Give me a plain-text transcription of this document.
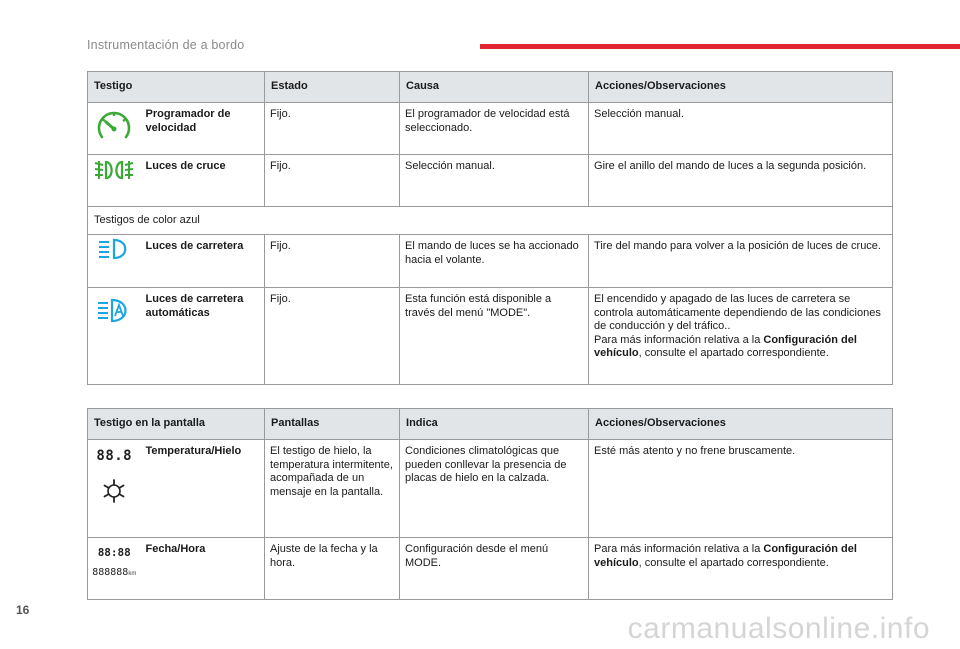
Instrumentación de a bordo
Testigo		Estado	Causa	Acciones/Observaciones

	Programador de velocidad	Fijo.	El programador de velocidad está seleccionado.	Selección manual.

	Luces de cruce	Fijo.	Selección manual.	Gire el anillo del mando de luces a la segunda posición.
Testigos de color azul				

	Luces de carretera	Fijo.	El mando de luces se ha accionado hacia el volante.	Tire del mando para volver a la posición de luces de cruce.

	Luces de carretera automáticas	Fijo.	Esta función está disponible a través del menú "MODE".	El encendido y apagado de las luces de carretera se controla automáticamente dependiendo de las condiciones de conducción y del tráfico..
Para más información relativa a la Configuración del vehículo, consulte el apartado correspondiente.
Testigo en la pantalla		Pantallas	Indica	Acciones/Observaciones

88.8	Temperatura/Hielo	El testigo de hielo, la temperatura intermitente, acompañada de un mensaje en la pantalla.	Condiciones climatológicas que pueden conllevar la presencia de placas de hielo en la calzada.	Esté más atento y no frene bruscamente.

88:88
888888km	Fecha/Hora	Ajuste de la fecha y la hora.	Configuración desde el menú MODE.	Para más información relativa a la Configuración del vehículo, consulte el apartado correspondiente.
16
carmanualsonline.info
